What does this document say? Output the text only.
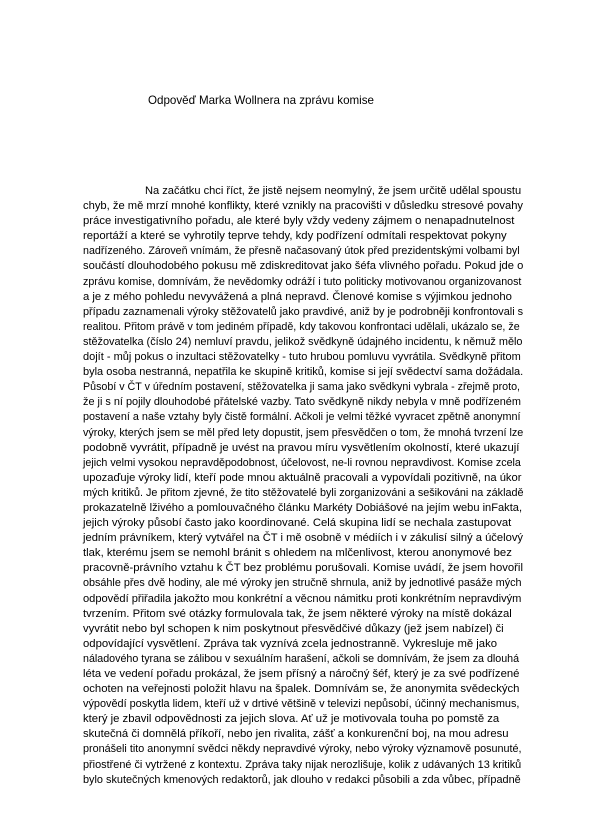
Odpověď Marka Wollnera na zprávu komise
Na začátku chci říct, že jistě nejsem neomylný, že jsem určitě udělal spoustu
chyb, že mě mrzí mnohé konflikty, které vznikly na pracovišti v důsledku stresové povahy
práce investigativního pořadu, ale které byly vždy vedeny zájmem o nenapadnutelnost
reportáží a které se vyhrotily teprve tehdy, kdy podřízení odmítali respektovat pokyny
nadřízeného. Zároveň vnímám, že přesně načasovaný útok před prezidentskými volbami byl
součástí dlouhodobého pokusu mě zdiskreditovat jako šéfa vlivného pořadu. Pokud jde o
zprávu komise, domnívám, že nevědomky odráží i tuto politicky motivovanou organizovanost
a je z mého pohledu nevyvážená a plná nepravd. Členové komise s výjimkou jednoho
případu zaznamenali výroky stěžovatelů jako pravdivé, aniž by je podrobněji konfrontovali s
realitou. Přitom právě v tom jediném případě, kdy takovou konfrontaci udělali, ukázalo se, že
stěžovatelka (číslo 24) nemluví pravdu, jelikož svědkyně údajného incidentu, k němuž mělo
dojít - můj pokus o inzultaci stěžovatelky - tuto hrubou pomluvu vyvrátila. Svědkyně přitom
byla osoba nestranná, nepatřila ke skupině kritiků, komise si její svědectví sama dožádala.
Působí v ČT v úředním postavení, stěžovatelka ji sama jako svědkyni vybrala - zřejmě proto,
že ji s ní pojily dlouhodobé přátelské vazby. Tato svědkyně nikdy nebyla v mně podřízeném
postavení a naše vztahy byly čistě formální. Ačkoli je velmi těžké vyvracet zpětně anonymní
výroky, kterých jsem se měl před lety dopustit, jsem přesvědčen o tom, že mnohá tvrzení lze
podobně vyvrátit, případně je uvést na pravou míru vysvětlením okolností, které ukazují
jejich velmi vysokou nepravděpodobnost, účelovost, ne-li rovnou nepravdivost. Komise zcela
upozaďuje výroky lidí, kteří pode mnou aktuálně pracovali a vypovídali pozitivně, na úkor
mých kritiků. Je přitom zjevné, že tito stěžovatelé byli zorganizováni a sešikováni na základě
prokazatelně lživého a pomlouvačného článku Markéty Dobiášové na jejím webu inFakta,
jejich výroky působí často jako koordinované. Celá skupina lidí se nechala zastupovat
jedním právníkem, který vytvářel na ČT i mě osobně v médiích i v zákulisí silný a účelový
tlak, kterému jsem se nemohl bránit s ohledem na mlčenlivost, kterou anonymové bez
pracovně-právního vztahu k ČT bez problému porušovali. Komise uvádí, že jsem hovořil
obsáhle přes dvě hodiny, ale mé výroky jen stručně shrnula, aniž by jednotlivé pasáže mých
odpovědí přiřadila jakožto mou konkrétní a věcnou námitku proti konkrétním nepravdivým
tvrzením. Přitom své otázky formulovala tak, že jsem některé výroky na místě dokázal
vyvrátit nebo byl schopen k nim poskytnout přesvědčivé důkazy (jež jsem nabízel) či
odpovídající vysvětlení. Zpráva tak vyznívá zcela jednostranně. Vykresluje mě jako
náladového tyrana se zálibou v sexuálním harašení, ačkoli se domnívám, že jsem za dlouhá
léta ve vedení pořadu prokázal, že jsem přísný a náročný šéf, který je za své podřízené
ochoten na veřejnosti položit hlavu na špalek. Domnívám se, že anonymita svědeckých
výpovědí poskytla lidem, kteří už v drtivé většině v televizi nepůsobí, účinný mechanismus,
který je zbavil odpovědnosti za jejich slova. Ať už je motivovala touha po pomstě za
skutečná či domnělá příkoří, nebo jen rivalita, zášť a konkurenční boj, na mou adresu
pronášeli tito anonymní svědci někdy nepravdivé výroky, nebo výroky významově posunuté,
přiostřené či vytržené z kontextu. Zpráva taky nijak nerozlišuje, kolik z udávaných 13 kritiků
bylo skutečných kmenových redaktorů, jak dlouho v redakci působili a zda vůbec, případně
